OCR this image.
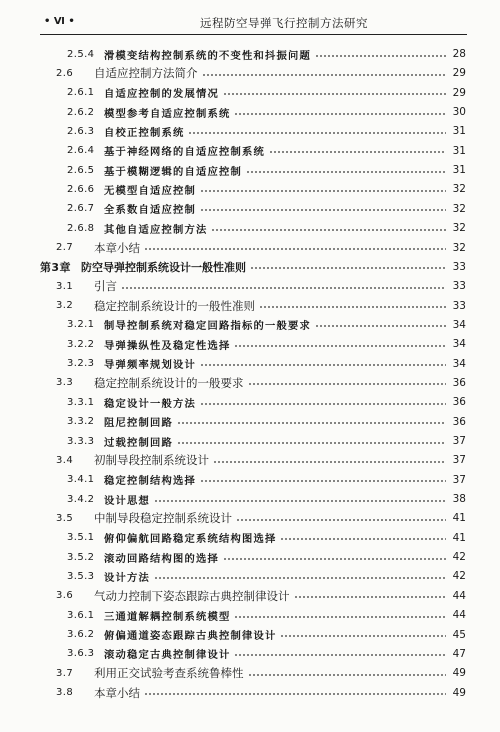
• Ⅵ •	远程防空导弹飞行控制方法研究
2.5.4 滑模变结构控制系统的不变性和抖振问题	28
2.6	自适应控制方法简介	29
2.6.1 自适应控制的发展情况	29
2.6.2 模型参考自适应控制系统	30
2.6.3 自校正控制系统	31
2.6.4 基于神经网络的自适应控制系统	31
2.6.5 基于模糊逻辑的自适应控制	31
2.6.6 无模型自适应控制	32
2.6.7 全系数自适应控制	32
2.6.8 其他自适应控制方法	32
2.7	本章小结	32
第3章 防空导弹控制系统设计一般性准则	33
3.1	引言	33
3.2	稳定控制系统设计的一般性准则	33
3.2.1 制导控制系统对稳定回路指标的一般要求	34
3.2.2 导弹操纵性及稳定性选择	34
3.2.3 导弹频率规划设计	34
3.3	稳定控制系统设计的一般要求	36
3.3.1 稳定设计一般方法	36
3.3.2 阻尼控制回路	36
3.3.3 过载控制回路	37
3.4	初制导段控制系统设计	37
3.4.1 稳定控制结构选择	37
3.4.2 设计思想	38
3.5	中制导段稳定控制系统设计	41
3.5.1 俯仰偏航回路稳定系统结构图选择	41
3.5.2 滚动回路结构图的选择	42
3.5.3 设计方法	42
3.6	气动力控制下姿态跟踪古典控制律设计	44
3.6.1 三通道解耦控制系统模型	44
3.6.2 俯偏通道姿态跟踪古典控制律设计	45
3.6.3 滚动稳定古典控制律设计	47
3.7	利用正交试验考查系统鲁棒性	49
3.8	本章小结	49
